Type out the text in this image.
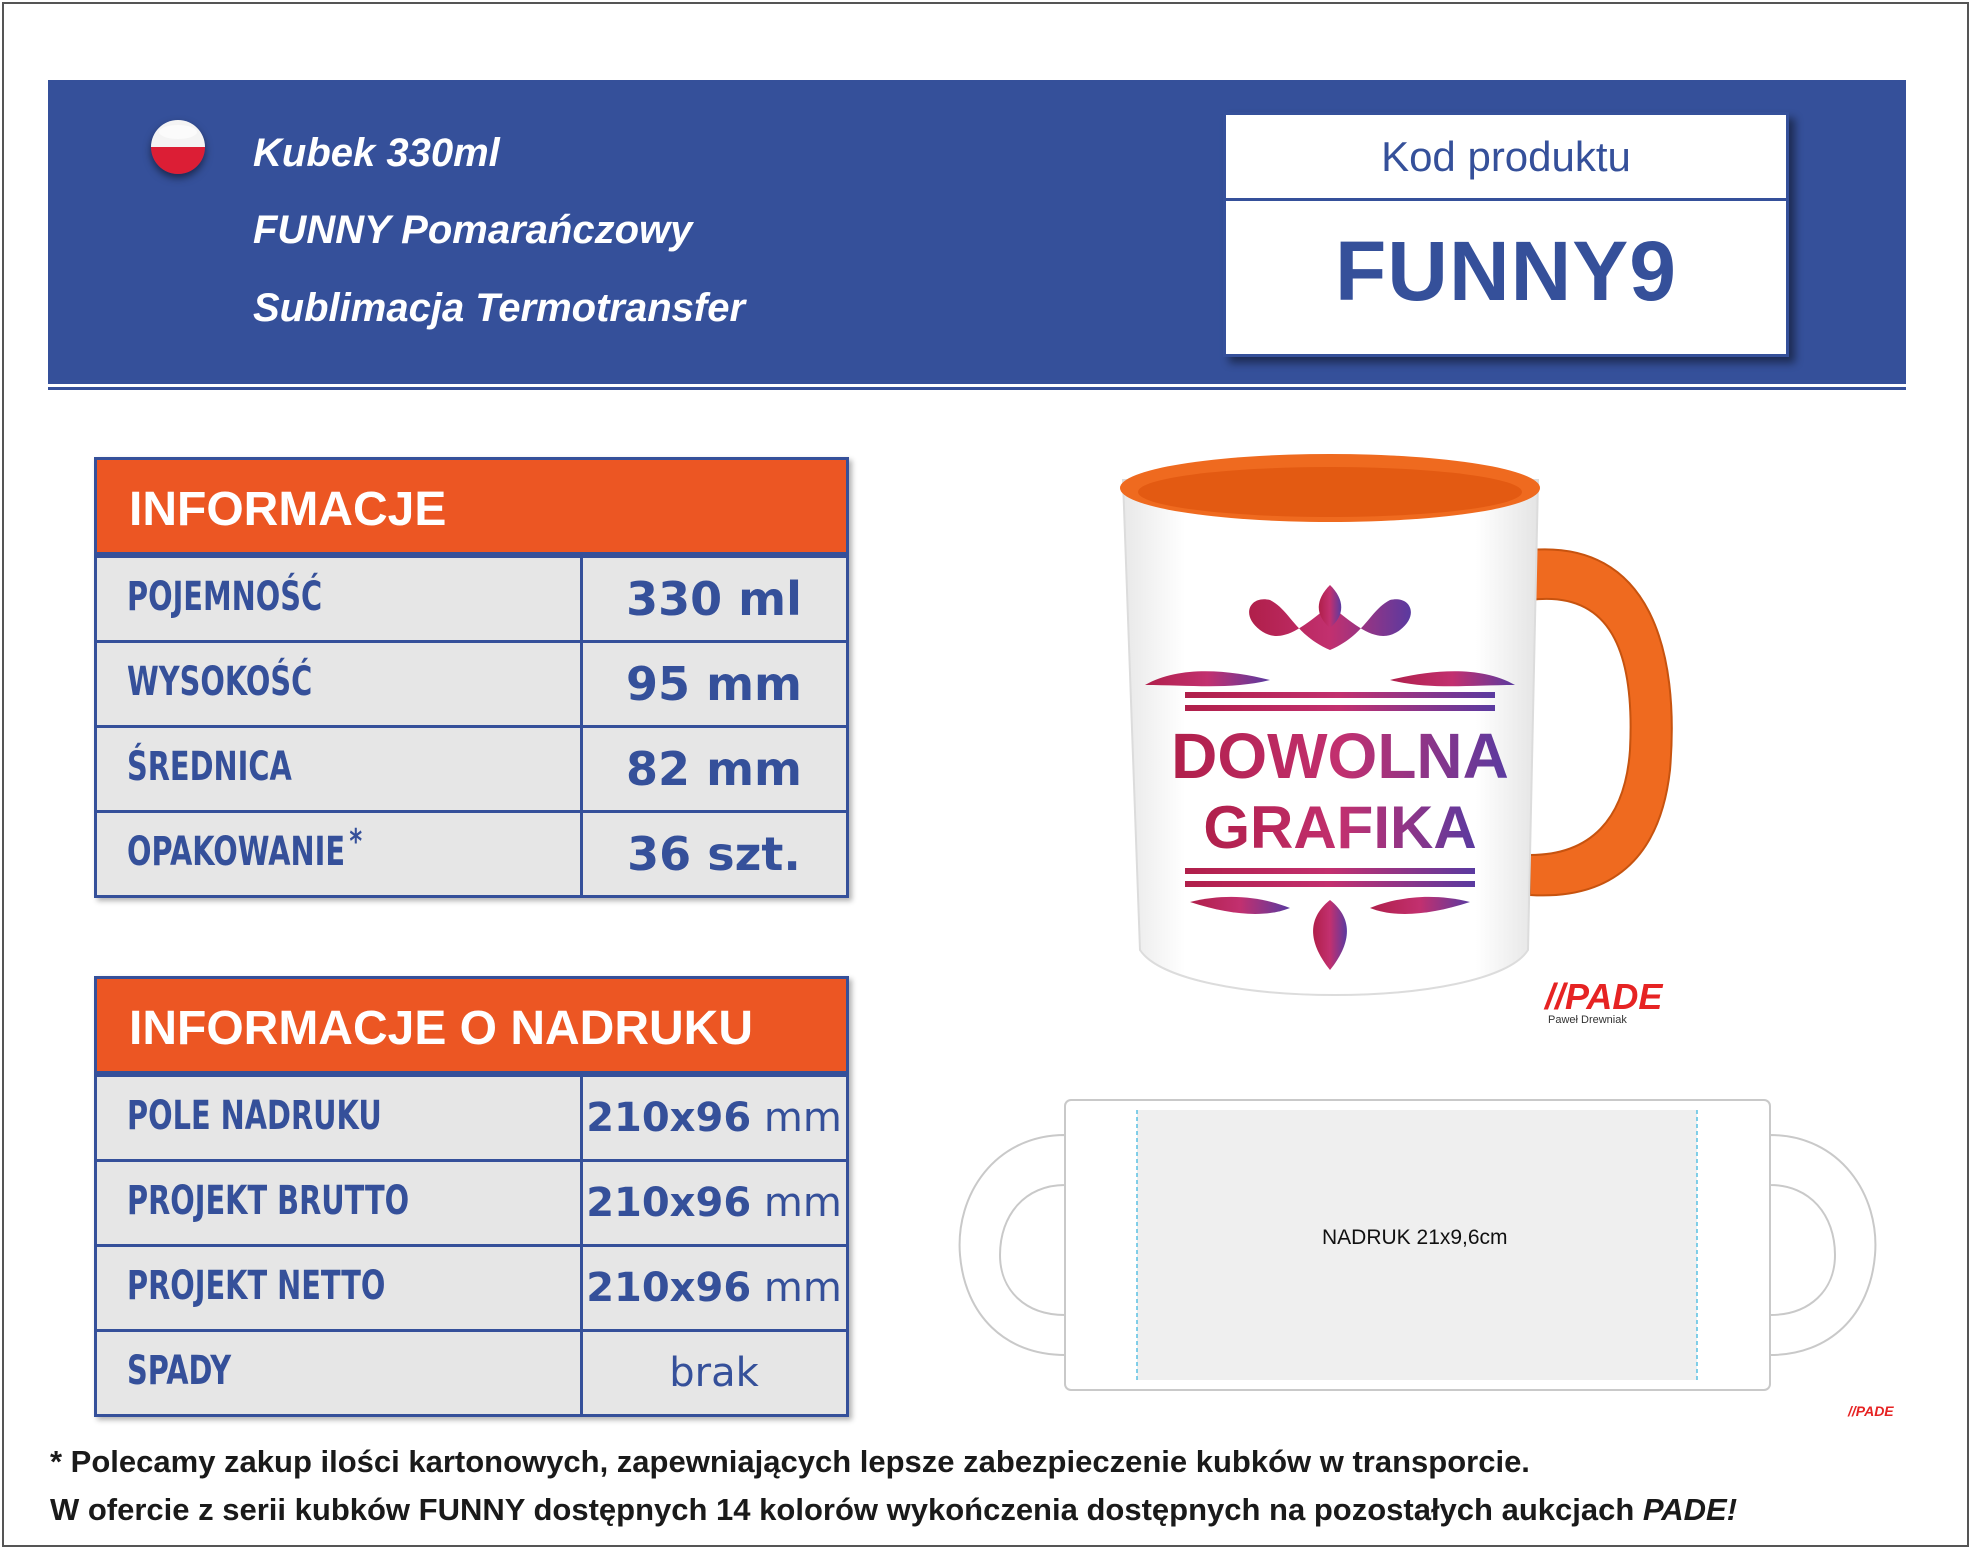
Kubek 330ml
FUNNY Pomarańczowy
Sublimacja Termotransfer
Kod produktu
FUNNY9
INFORMACJE
POJEMNOŚĆ	330 ml
WYSOKOŚĆ	95 mm
ŚREDNICA	82 mm
OPAKOWANIE *	36 szt.
INFORMACJE O NADRUKU
POLE NADRUKU	210x96 mm
PROJEKT BRUTTO	210x96 mm
PROJEKT NETTO	210x96 mm
SPADY	brak
DOWOLNA
GRAFIKA
//PADE
Paweł Drewniak
NADRUK 21x9,6cm
//PADE
* Polecamy zakup ilości kartonowych, zapewniających lepsze zabezpieczenie kubków w transporcie.
W ofercie z serii kubków FUNNY dostępnych 14 kolorów wykończenia dostępnych na pozostałych aukcjach PADE!
